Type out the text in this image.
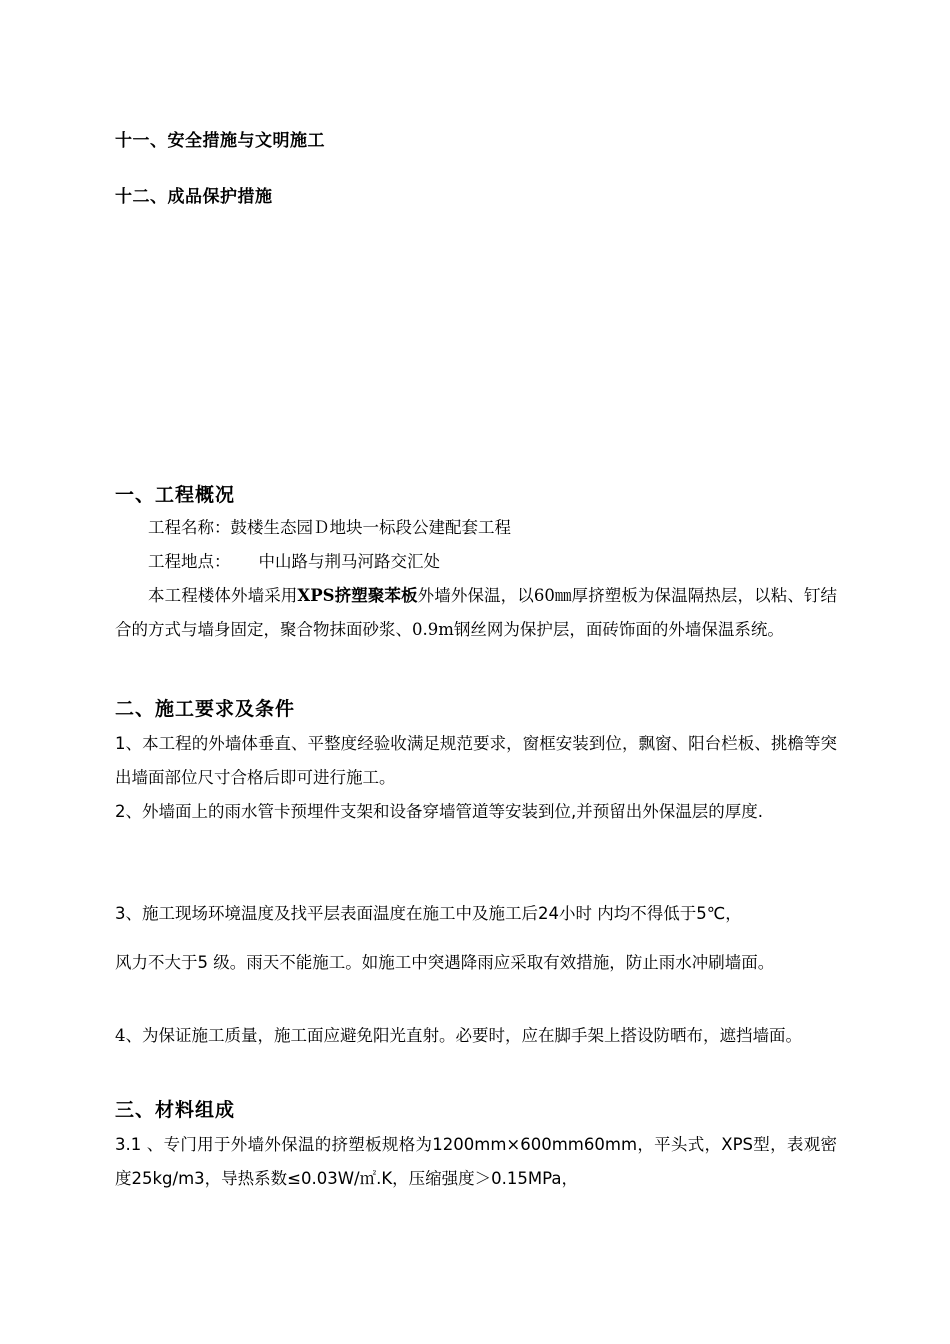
十一、安全措施与文明施工
十二、成品保护措施
一、工程概况
工程名称：鼓楼生态园Ｄ地块一标段公建配套工程
工程地点： 中山路与荆马河路交汇处
本工程楼体外墙采用XPS挤塑聚苯板外墙外保温，以60㎜厚挤塑板为保温隔热层，以粘、钉结合的方式与墙身固定，聚合物抹面砂浆、0.9m钢丝网为保护层，面砖饰面的外墙保温系统。
二、施工要求及条件
1、本工程的外墙体垂直、平整度经验收满足规范要求，窗框安装到位，飘窗、阳台栏板、挑檐等突出墙面部位尺寸合格后即可进行施工。
2、外墙面上的雨水管卡预埋件支架和设备穿墙管道等安装到位,并预留出外保温层的厚度.
3、施工现场环境温度及找平层表面温度在施工中及施工后24小时 内均不得低于5℃，
风力不大于5 级。雨天不能施工。如施工中突遇降雨应采取有效措施，防止雨水冲刷墙面。
4、为保证施工质量，施工面应避免阳光直射。必要时，应在脚手架上搭设防晒布，遮挡墙面。
三、材料组成
3.1 、专门用于外墙外保温的挤塑板规格为1200mm×600mm60mm，平头式，XPS型，表观密度25kg/m3，导热系数≤0.03W/㎡.K，压缩强度＞0.15MPa，
